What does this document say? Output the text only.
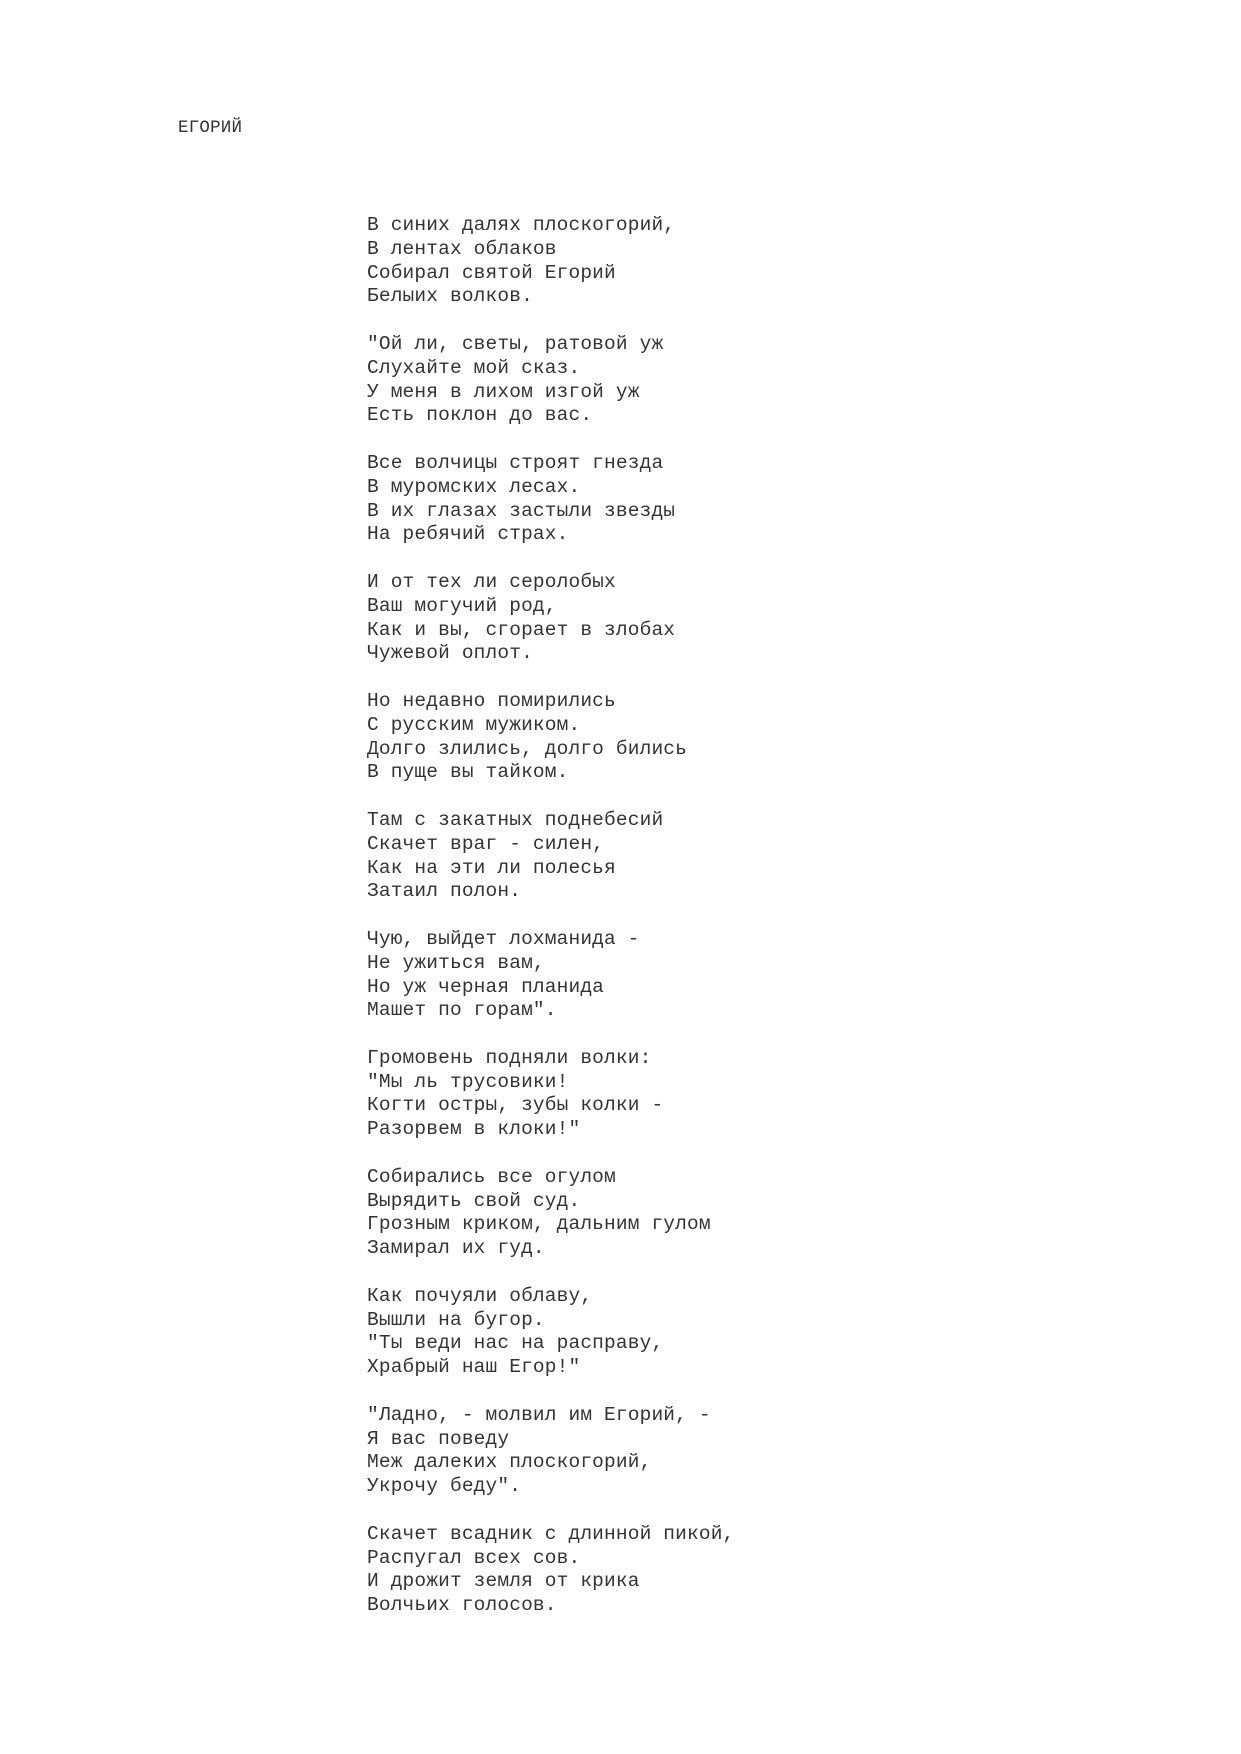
ЕГОРИЙ
В синих далях плоскогорий,
В лентах облаков
Собирал святой Егорий
Белыих волков.
"Ой ли, светы, ратовой уж
Слухайте мой сказ.
У меня в лихом изгой уж
Есть поклон до вас.
Все волчицы строят гнезда
В муромских лесах.
В их глазах застыли звезды
На ребячий страх.
И от тех ли серолобых
Ваш могучий род,
Как и вы, сгорает в злобах
Чужевой оплот.
Но недавно помирились
С русским мужиком.
Долго злились, долго бились
В пуще вы тайком.
Там с закатных поднебесий
Скачет враг - силен,
Как на эти ли полесья
Затаил полон.
Чую, выйдет лохманида -
Не ужиться вам,
Но уж черная планида
Машет по горам".
Громовень подняли волки:
"Мы ль трусовики!
Когти остры, зубы колки -
Разорвем в клоки!"
Собирались все огулом
Вырядить свой суд.
Грозным криком, дальним гулом
Замирал их гуд.
Как почуяли облаву,
Вышли на бугор.
"Ты веди нас на расправу,
Храбрый наш Егор!"
"Ладно, - молвил им Егорий, -
Я вас поведу
Меж далеких плоскогорий,
Укрочу беду".
Скачет всадник с длинной пикой,
Распугал всех сов.
И дрожит земля от крика
Волчьих голосов.
